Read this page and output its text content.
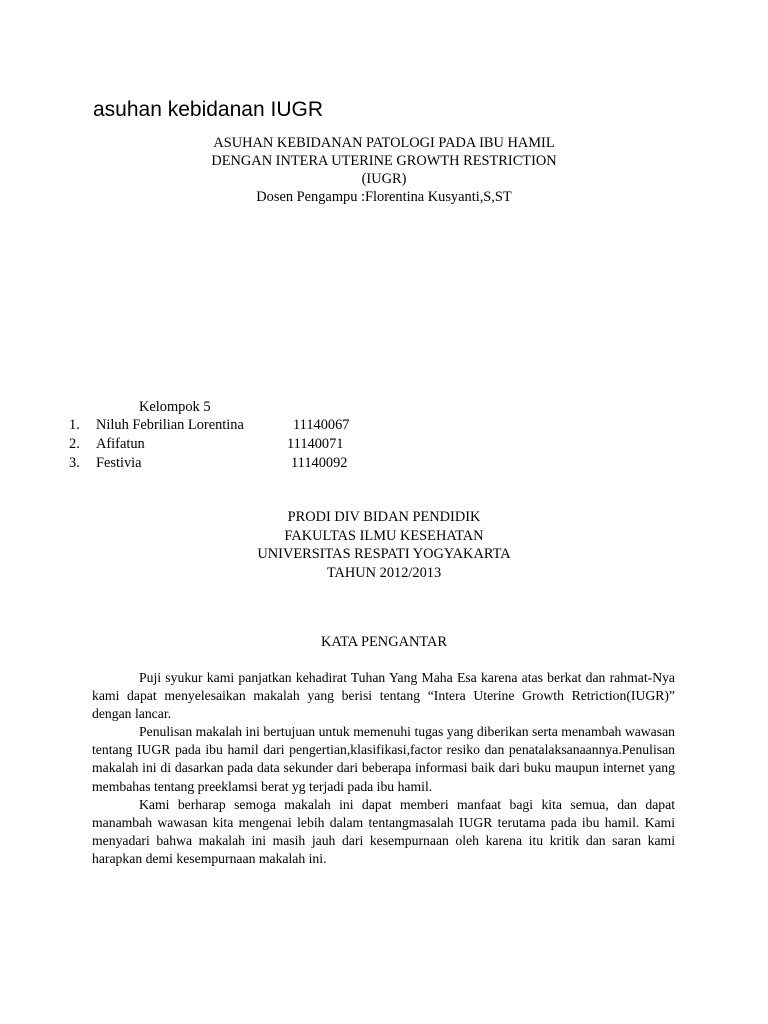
asuhan kebidanan IUGR
ASUHAN KEBIDANAN PATOLOGI PADA IBU HAMIL
DENGAN INTERA UTERINE GROWTH RESTRICTION
(IUGR)
Dosen Pengampu :Florentina Kusyanti,S,ST
Kelompok 5
1. Niluh Febrilian Lorentina	11140067
2. Afifatun	11140071
3. Festivia	11140092
PRODI DIV BIDAN PENDIDIK
FAKULTAS ILMU KESEHATAN
UNIVERSITAS RESPATI YOGYAKARTA
TAHUN 2012/2013
KATA PENGANTAR

Puji syukur kami panjatkan kehadirat Tuhan Yang Maha Esa karena atas berkat dan rahmat-Nya kami dapat menyelesaikan makalah yang berisi tentang “Intera Uterine Growth Retriction(IUGR)” dengan lancar.

Penulisan makalah ini bertujuan untuk memenuhi tugas yang diberikan serta menambah wawasan tentang IUGR pada ibu hamil dari pengertian,klasifikasi,factor resiko dan penatalaksanaannya.Penulisan makalah ini di dasarkan pada data sekunder dari beberapa informasi baik dari buku maupun internet yang membahas tentang preeklamsi berat yg terjadi pada ibu hamil.

Kami berharap semoga makalah ini dapat memberi manfaat bagi kita semua, dan dapat manambah wawasan kita mengenai lebih dalam tentangmasalah IUGR terutama pada ibu hamil. Kami menyadari bahwa makalah ini masih jauh dari kesempurnaan oleh karena itu kritik dan saran kami harapkan demi kesempurnaan makalah ini.
